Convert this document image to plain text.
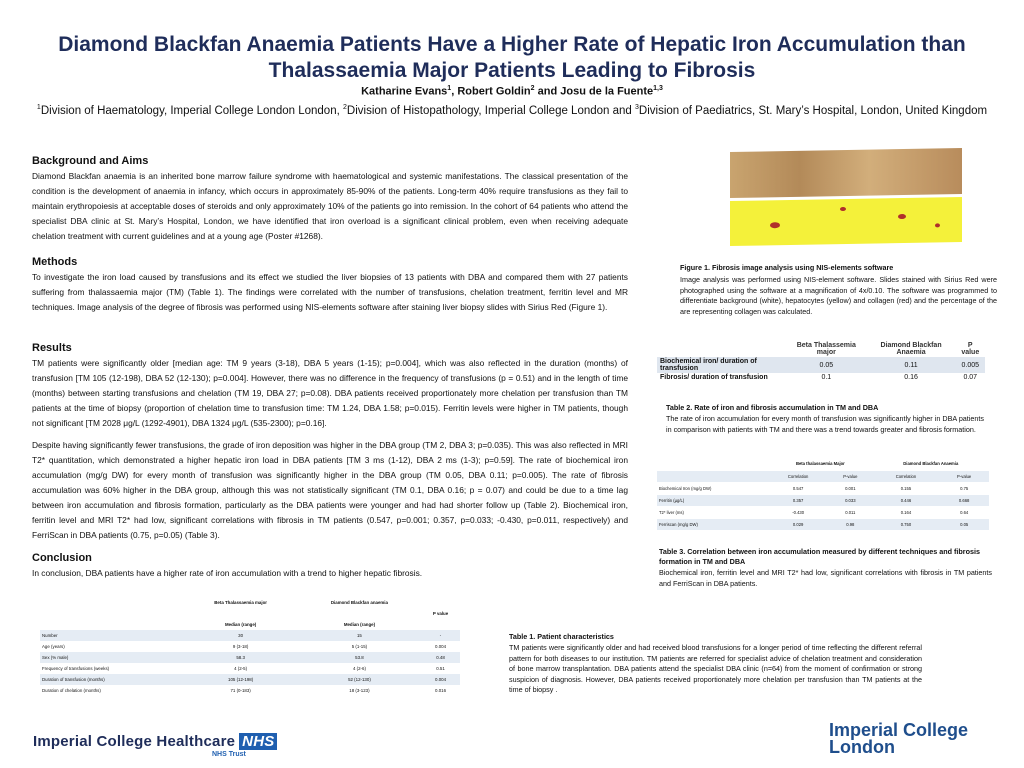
Diamond Blackfan Anaemia Patients Have a Higher Rate of Hepatic Iron Accumulation than Thalassaemia Major Patients Leading to Fibrosis
Katharine Evans$^1$, Robert Goldin$^2$ and Josu de la Fuente$^{1,3}$
$^1$Division of Haematology, Imperial College London London, $^2$Division of Histopathology, Imperial College London and $^3$Division of Paediatrics, St. Mary’s Hospital, London, United Kingdom
Background and Aims
Diamond Blackfan anaemia is an inherited bone marrow failure syndrome with haematological and systemic manifestations. The classical presentation of the condition is the development of anaemia in infancy, which occurs in approximately 85-90% of the patients. Long-term 40% require transfusions as they fail to maintain erythropoiesis at acceptable doses of steroids and only approximately 10% of the patients go into remission. In the cohort of 64 patients who attend the specialist DBA clinic at St. Mary’s Hospital, London, we have identified that iron overload is a significant clinical problem, even when receiving adequate chelation treatment with current guidelines and at a young age (Poster #1268).
Methods
To investigate the iron load caused by transfusions and its effect we studied the liver biopsies of 13 patients with DBA and compared them with 27 patients suffering from thalassaemia major (TM) (Table 1). The findings were correlated with the number of transfusions, chelation treatment, ferritin level and MR techniques. Image analysis of the degree of fibrosis was performed using NIS-elements software after staining liver biopsy slides with Sirius Red (Figure 1).
Results
TM patients were significantly older [median age: TM 9 years (3-18), DBA 5 years (1-15); p=0.004], which was also reflected in the duration (months) of transfusion [TM 105 (12-198), DBA 52 (12-130); p=0.004]. However, there was no difference in the frequency of transfusions (p = 0.51) and in the length of time (months) between starting transfusions and chelation (TM 19, DBA 27; p=0.08). DBA patients received proportionately more chelation per transfusion than TM patients at the time of biopsy (proportion of chelation time to transfusion time: TM 1.24, DBA 1.58; p=0.015). Ferritin levels were higher in TM patients, though not significant [TM 2028 μg/L (1292-4901), DBA 1324 μg/L (535-2300); p=0.16].
Despite having significantly fewer transfusions, the grade of iron deposition was higher in the DBA group (TM 2, DBA 3; p=0.035). This was also reflected in MRI T2* quantitation, which demonstrated a higher hepatic iron load in DBA patients [TM 3 ms (1-12), DBA 2 ms (1-3); p=0.59]. The rate of biochemical iron accumulation (mg/g DW) for every month of transfusion was significantly higher in the DBA group (TM 0.05, DBA 0.11; p=0.005). The rate of fibrosis accumulation was 60% higher in the DBA group, although this was not statistically significant (TM 0.1, DBA 0.16; p = 0.07) and could be due to a time lag between iron accumulation and fibrosis formation, particularly as the DBA patients were younger and had had shorter follow up (Table 2). Biochemical iron, ferritin level and MRI T2* had low, significant correlations with fibrosis in TM patients (0.547, p=0.001; 0.357, p=0.033; -0.430, p=0.011, respectively) and FerriScan in DBA patients (0.75, p=0.05) (Table 3).
Conclusion
In conclusion, DBA patients have a higher rate of iron accumulation with a trend to higher hepatic fibrosis.
Figure 1. Fibrosis image analysis using NIS-elements software
Image analysis was performed using NIS-element software. Slides stained with Sirius Red were photographed using the software at a magnification of 4x/0.10. The software was programmed to differentiate background (white), hepatocytes (yellow) and collagen (red) and the percentage of the are representing collagen was calculated.
	Beta Thalassemia major	Diamond Blackfan Anaemia	P value
Biochemical iron/ duration of transfusion	0.05	0.11	0.005
Fibrosis/ duration of transfusion	0.1	0.16	0.07
Table 2. Rate of iron and fibrosis accumulation in TM and DBA
The rate of iron accumulation for every month of transfusion was significantly higher in DBA patients in comparison with patients with TM and there was a trend towards greater and fibrosis formation.
	Beta thalassaemia Major		Diamond Blackfan Anaemia	
	Correlation	P-value	Correlation	P-value
Biochemical Iron (mg/g DW)	0.547	0.001	0.155	0.75
Ferritin (µg/L)	0.357	0.033	0.446	0.668
T2* liver (ms)	-0.430	0.011	0.164	0.64
Ferriscan (mg/g DW)	0.029	0.98	0.750	0.05
Table 3. Correlation between iron accumulation measured by different techniques and fibrosis formation in TM and DBA
Biochemical iron, ferritin level and MRI T2* had low, significant correlations with fibrosis in TM patients and FerriScan in DBA patients.
	Beta Thalassaemia major	Diamond Blackfan anaemia	
			P value
	Median (range)	Median (range)	
Number	30	15	-
Age (years)	9 (3-18)	5 (1-15)	0.004
Sex (% male)	58.3	53.8	0.48
Frequency of transfusions (weeks)	4 (2-5)	4 (2-6)	0.51
Duration of transfusion (months)	105 (12-198)	52 (12-130)	0.004
Duration of chelation (months)	71 (0-183)	18 (3-123)	0.016
Table 1. Patient characteristics
TM patients were significantly older and had received blood transfusions for a longer period of time reflecting the different referral pattern for both diseases to our institution. TM patients are referred for specialist advice of chelation treatment and consideration of bone marrow transplantation. DBA patients attend the specialist DBA clinic (n=64) from the moment of confirmation or strong suspicion of diagnosis. However, DBA patients received proportionately more chelation per transfusion than TM patients at the time of biopsy .
Imperial College Healthcare NHS
NHS Trust
Imperial College
London
